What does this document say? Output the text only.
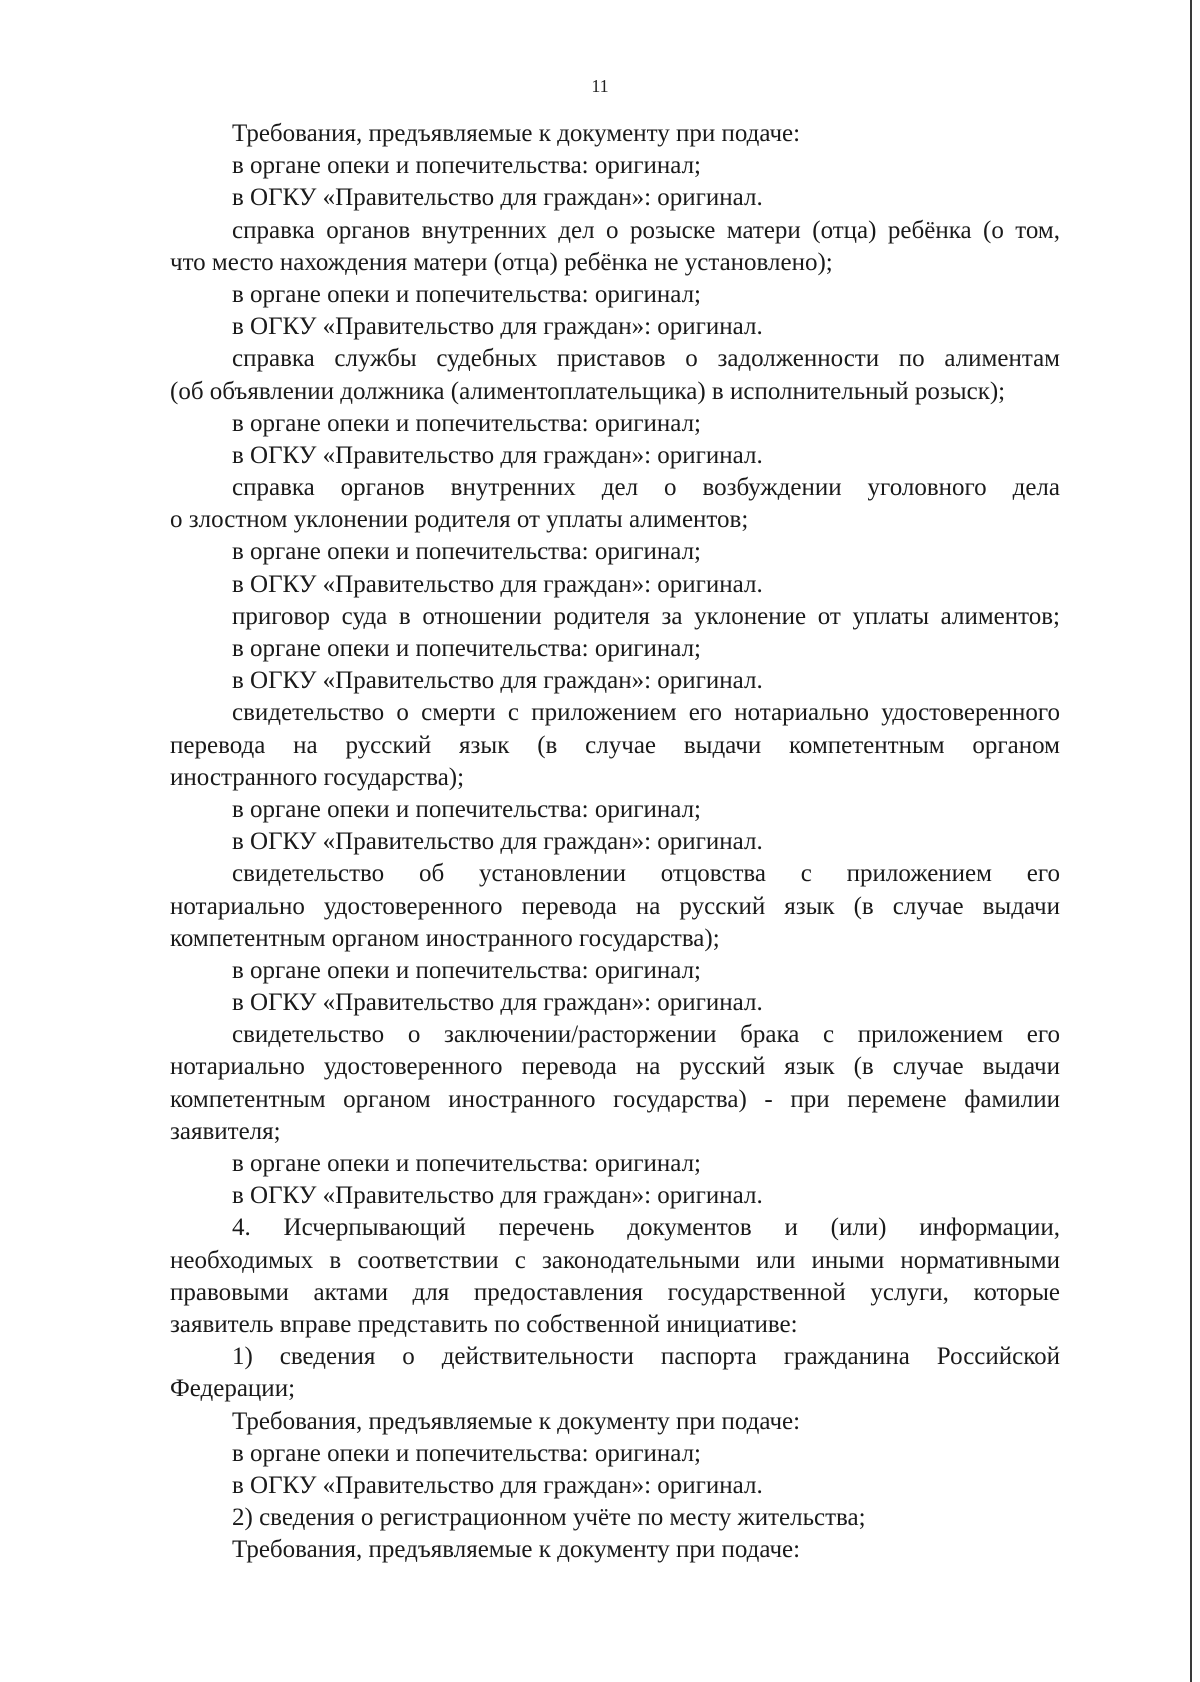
11
Требования, предъявляемые к документу при подаче:
в органе опеки и попечительства: оригинал;
в ОГКУ «Правительство для граждан»: оригинал.
справка органов внутренних дел о розыске матери (отца) ребёнка (о том,
что место нахождения матери (отца) ребёнка не установлено);
в органе опеки и попечительства: оригинал;
в ОГКУ «Правительство для граждан»: оригинал.
справка службы судебных приставов о задолженности по алиментам
(об объявлении должника (алиментоплательщика) в исполнительный розыск);
в органе опеки и попечительства: оригинал;
в ОГКУ «Правительство для граждан»: оригинал.
справка органов внутренних дел о возбуждении уголовного дела
о злостном уклонении родителя от уплаты алиментов;
в органе опеки и попечительства: оригинал;
в ОГКУ «Правительство для граждан»: оригинал.
приговор суда в отношении родителя за уклонение от уплаты алиментов;
в органе опеки и попечительства: оригинал;
в ОГКУ «Правительство для граждан»: оригинал.
свидетельство о смерти с приложением его нотариально удостоверенного
перевода на русский язык (в случае выдачи компетентным органом
иностранного государства);
в органе опеки и попечительства: оригинал;
в ОГКУ «Правительство для граждан»: оригинал.
свидетельство об установлении отцовства с приложением его
нотариально удостоверенного перевода на русский язык (в случае выдачи
компетентным органом иностранного государства);
в органе опеки и попечительства: оригинал;
в ОГКУ «Правительство для граждан»: оригинал.
свидетельство о заключении/расторжении брака с приложением его
нотариально удостоверенного перевода на русский язык (в случае выдачи
компетентным органом иностранного государства) - при перемене фамилии
заявителя;
в органе опеки и попечительства: оригинал;
в ОГКУ «Правительство для граждан»: оригинал.
4. Исчерпывающий перечень документов и (или) информации,
необходимых в соответствии с законодательными или иными нормативными
правовыми актами для предоставления государственной услуги, которые
заявитель вправе представить по собственной инициативе:
1) сведения о действительности паспорта гражданина Российской
Федерации;
Требования, предъявляемые к документу при подаче:
в органе опеки и попечительства: оригинал;
в ОГКУ «Правительство для граждан»: оригинал.
2) сведения о регистрационном учёте по месту жительства;
Требования, предъявляемые к документу при подаче:
